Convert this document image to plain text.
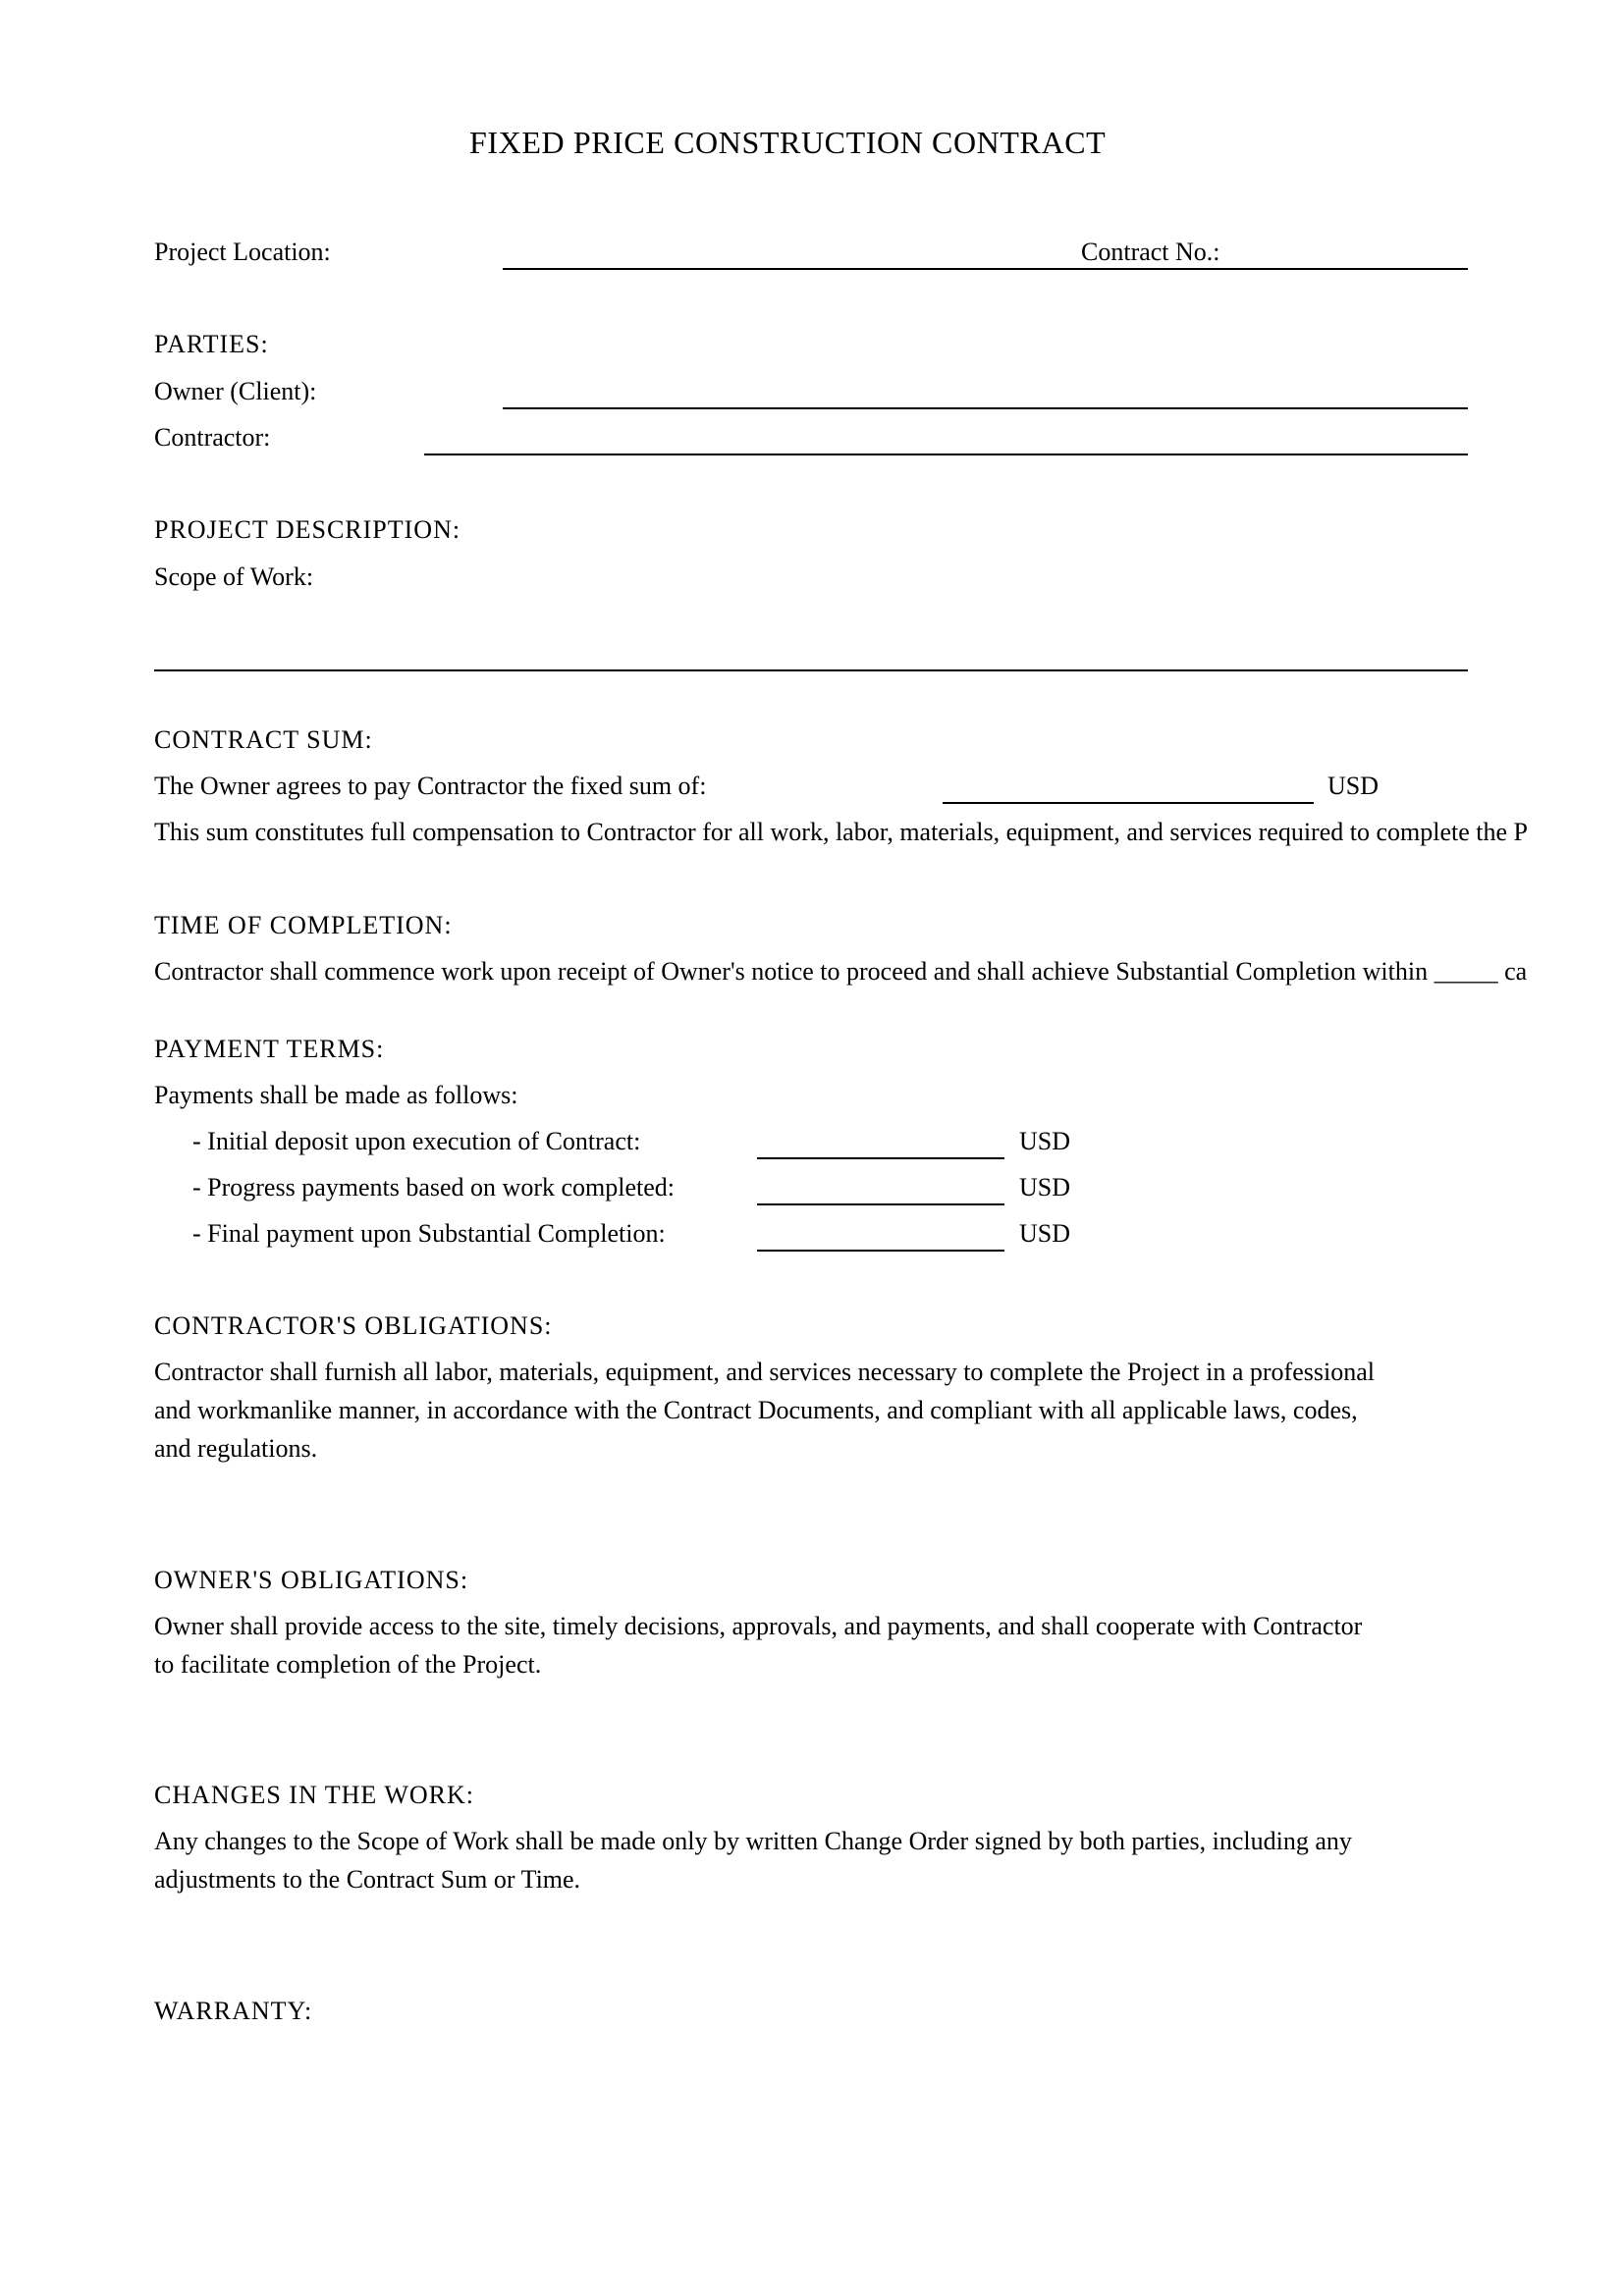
FIXED PRICE CONSTRUCTION CONTRACT
Project Location:	Contract No.:
PARTIES:
Owner (Client):
Contractor:
PROJECT DESCRIPTION:
Scope of Work:
CONTRACT SUM:
The Owner agrees to pay Contractor the fixed sum of:	USD
This sum constitutes full compensation to Contractor for all work, labor, materials, equipment, and services required to complete the P
TIME OF COMPLETION:
Contractor shall commence work upon receipt of Owner's notice to proceed and shall achieve Substantial Completion within _____ ca
PAYMENT TERMS:
Payments shall be made as follows:
- Initial deposit upon execution of Contract:	USD
- Progress payments based on work completed:	USD
- Final payment upon Substantial Completion:	USD
CONTRACTOR'S OBLIGATIONS:
Contractor shall furnish all labor, materials, equipment, and services necessary to complete the Project in a professional
and workmanlike manner, in accordance with the Contract Documents, and compliant with all applicable laws, codes,
and regulations.
OWNER'S OBLIGATIONS:
Owner shall provide access to the site, timely decisions, approvals, and payments, and shall cooperate with Contractor
to facilitate completion of the Project.
CHANGES IN THE WORK:
Any changes to the Scope of Work shall be made only by written Change Order signed by both parties, including any
adjustments to the Contract Sum or Time.
WARRANTY:
